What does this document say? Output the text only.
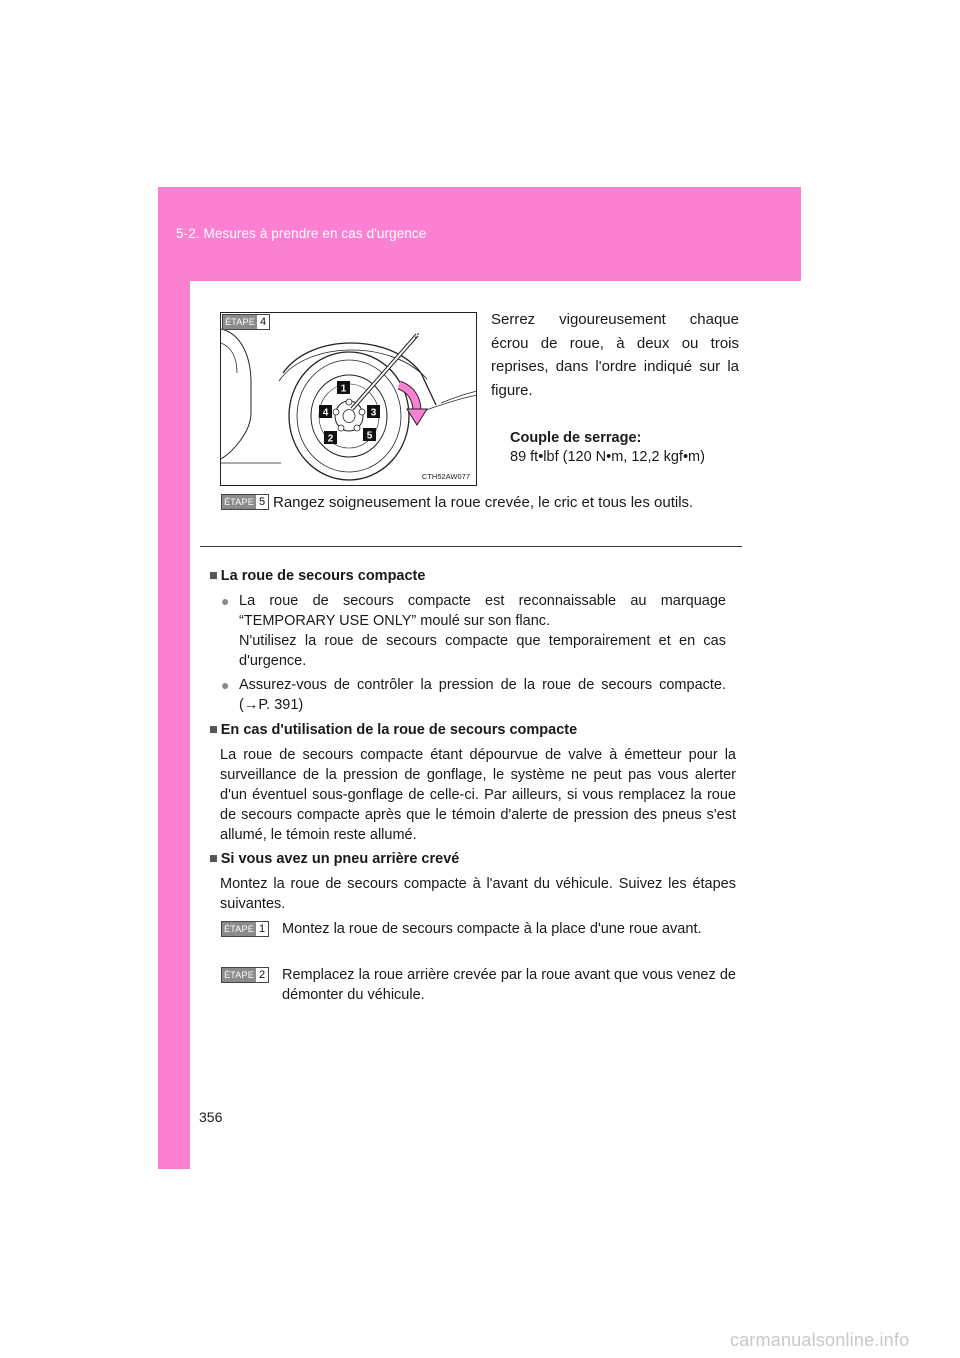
5-2. Mesures à prendre en cas d'urgence
1
4	3
2	5
ÉTAPE 4
CTH52AW077
Serrez vigoureusement chaque écrou de roue, à deux ou trois reprises, dans l'ordre indiqué sur la figure.
Couple de serrage:
89 ft•lbf (120 N•m, 12,2 kgf•m)
ÉTAPE 5 Rangez soigneusement la roue crevée, le cric et tous les outils.
■ La roue de secours compacte
● La roue de secours compacte est reconnaissable au marquage “TEMPORARY USE ONLY” moulé sur son flanc.
N'utilisez la roue de secours compacte que temporairement et en cas d'urgence.
● Assurez-vous de contrôler la pression de la roue de secours compacte. (→P. 391)
■ En cas d'utilisation de la roue de secours compacte
La roue de secours compacte étant dépourvue de valve à émetteur pour la surveillance de la pression de gonflage, le système ne peut pas vous alerter d'un éventuel sous-gonflage de celle-ci. Par ailleurs, si vous remplacez la roue de secours compacte après que le témoin d'alerte de pression des pneus s'est allumé, le témoin reste allumé.
■ Si vous avez un pneu arrière crevé
Montez la roue de secours compacte à l'avant du véhicule. Suivez les étapes suivantes.
ÉTAPE 1 Montez la roue de secours compacte à la place d'une roue avant.
ÉTAPE 2 Remplacez la roue arrière crevée par la roue avant que vous venez de démonter du véhicule.
356
carmanualsonline.info
